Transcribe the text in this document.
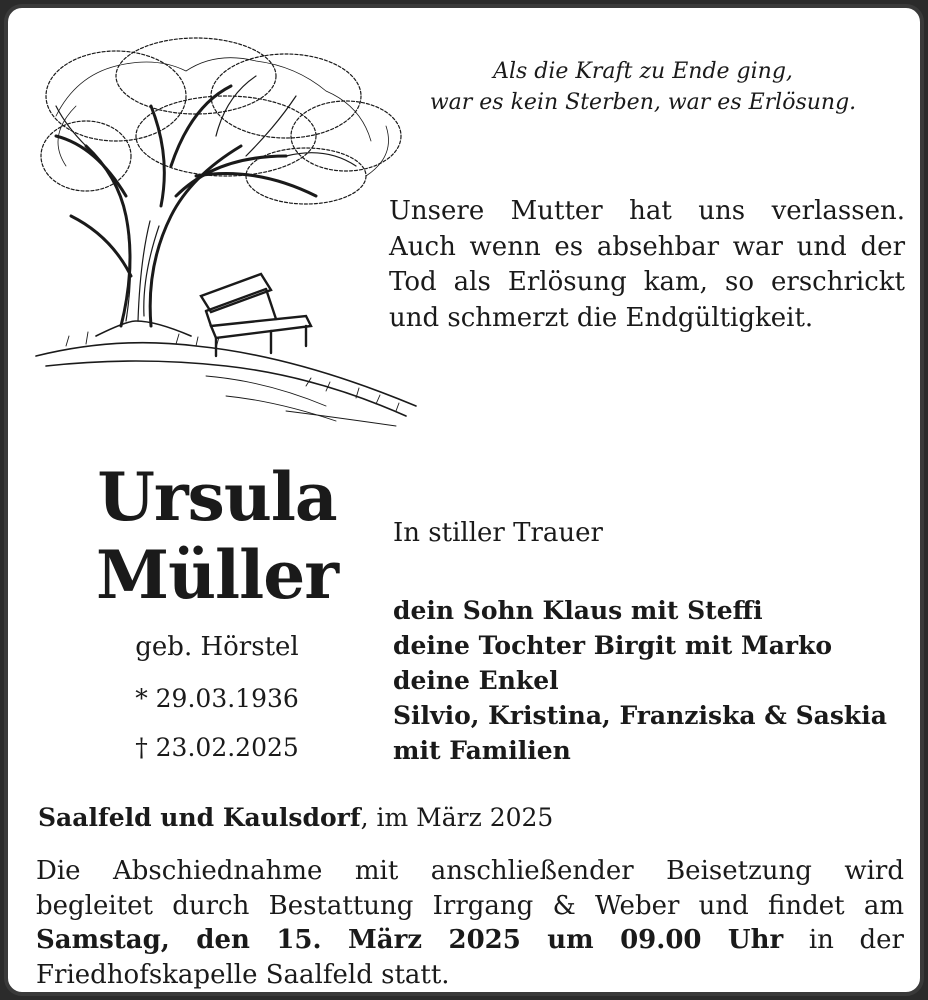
Als die Kraft zu Ende ging,
war es kein Sterben, war es Erlösung.
Unsere Mutter hat uns verlassen.
Auch wenn es absehbar war und der
Tod als Erlösung kam, so erschrickt
und schmerzt die Endgültigkeit.
Ursula
Müller
geb. Hörstel
* 29.03.1936
† 23.02.2025
In stiller Trauer
dein Sohn Klaus mit Steffi
deine Tochter Birgit mit Marko
deine Enkel
Silvio, Kristina, Franziska & Saskia
mit Familien
Saalfeld und Kaulsdorf, im März 2025
Die Abschiednahme mit anschließender Beisetzung wird
begleitet durch Bestattung Irrgang & Weber und findet am
Samstag, den 15. März 2025 um 09.00 Uhr in der
Friedhofskapelle Saalfeld statt.
